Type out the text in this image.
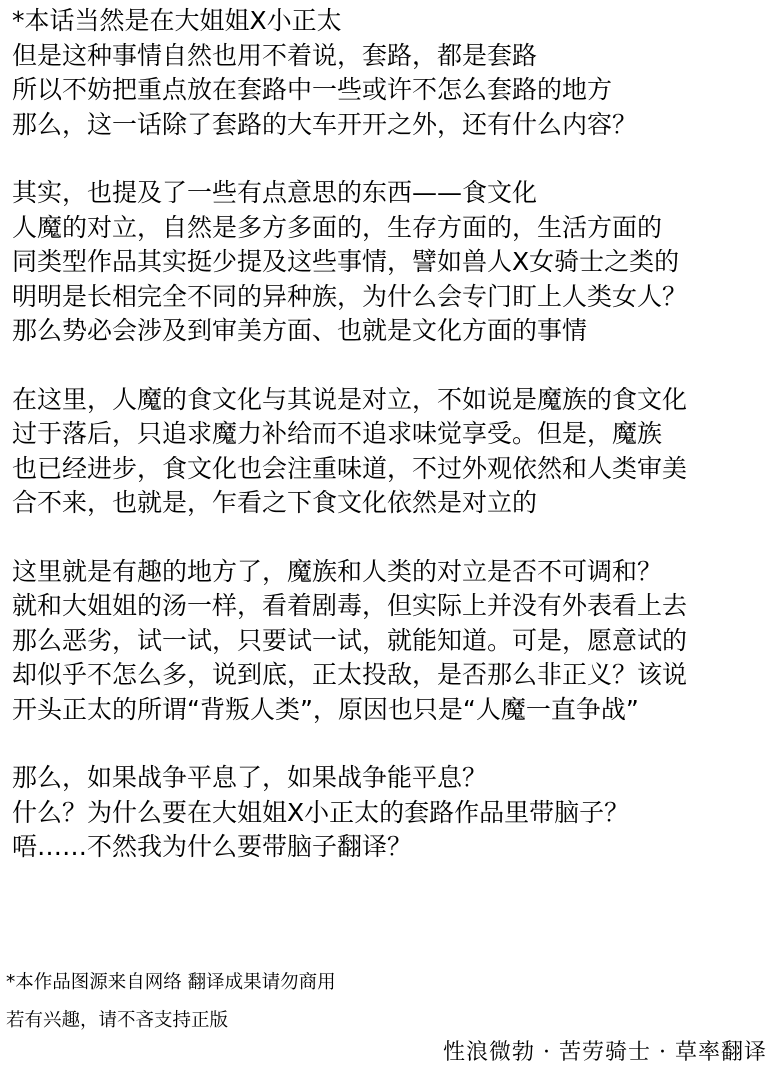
*本话当然是在大姐姐X小正太
但是这种事情自然也用不着说，套路，都是套路
所以不妨把重点放在套路中一些或许不怎么套路的地方
那么，这一话除了套路的大车开开之外，还有什么内容？
其实，也提及了一些有点意思的东西——食文化
人魔的对立，自然是多方多面的，生存方面的，生活方面的
同类型作品其实挺少提及这些事情，譬如兽人X女骑士之类的
明明是长相完全不同的异种族，为什么会专门盯上人类女人？
那么势必会涉及到审美方面、也就是文化方面的事情
在这里，人魔的食文化与其说是对立，不如说是魔族的食文化
过于落后，只追求魔力补给而不追求味觉享受。但是，魔族
也已经进步，食文化也会注重味道，不过外观依然和人类审美
合不来，也就是，乍看之下食文化依然是对立的
这里就是有趣的地方了，魔族和人类的对立是否不可调和？
就和大姐姐的汤一样，看着剧毒，但实际上并没有外表看上去
那么恶劣，试一试，只要试一试，就能知道。可是，愿意试的
却似乎不怎么多，说到底，正太投敌，是否那么非正义？该说
开头正太的所谓“背叛人类”，原因也只是“人魔一直争战”
那么，如果战争平息了，如果战争能平息？
什么？为什么要在大姐姐X小正太的套路作品里带脑子？
唔……不然我为什么要带脑子翻译？
*本作品图源来自网络 翻译成果请勿商用
若有兴趣，请不吝支持正版
性浪微勃 · 苦劳骑士 · 草率翻译
